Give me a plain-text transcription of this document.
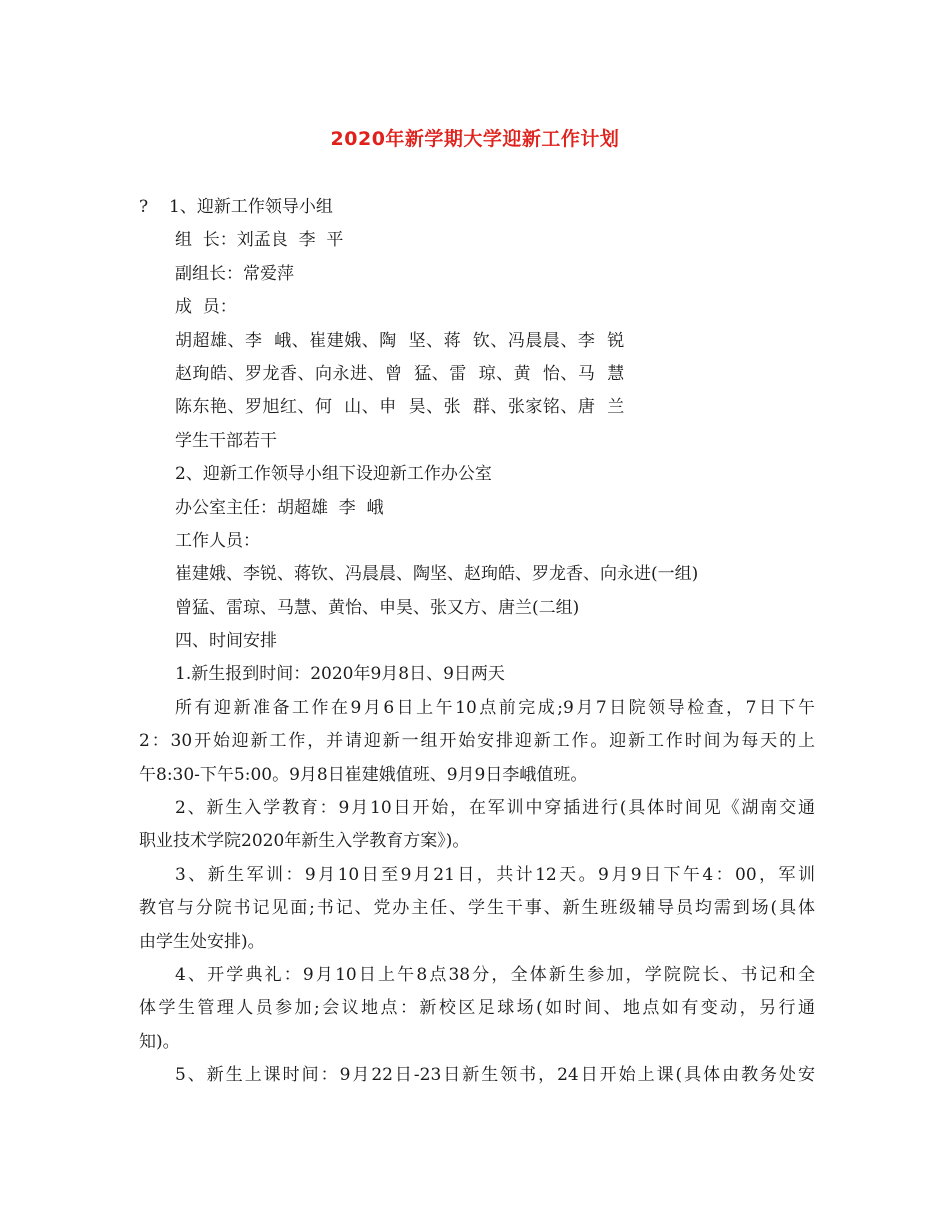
2020年新学期大学迎新工作计划
?	1、迎新工作领导小组
组  长：刘孟良  李  平
副组长：常爱萍
成  员：
胡超雄、李  峨、崔建娥、陶  坚、蒋  钦、冯晨晨、李  锐
赵珣皓、罗龙香、向永进、曾  猛、雷  琼、黄  怡、马  慧
陈东艳、罗旭红、何  山、申  昊、张  群、张家铭、唐  兰
学生干部若干
2、迎新工作领导小组下设迎新工作办公室
办公室主任：胡超雄  李  峨
工作人员：
崔建娥、李锐、蒋钦、冯晨晨、陶坚、赵珣皓、罗龙香、向永进(一组)
曾猛、雷琼、马慧、黄怡、申昊、张又方、唐兰(二组)
四、时间安排
1.新生报到时间：2020年9月8日、9日两天
所有迎新准备工作在9月6日上午10点前完成;9月7日院领导检查，7日下午
2：30开始迎新工作，并请迎新一组开始安排迎新工作。迎新工作时间为每天的上
午8:30-下午5:00。9月8日崔建娥值班、9月9日李峨值班。
2、新生入学教育：9月10日开始，在军训中穿插进行(具体时间见《湖南交通
职业技术学院2020年新生入学教育方案》)。
3、新生军训：9月10日至9月21日，共计12天。9月9日下午4：00，军训
教官与分院书记见面;书记、党办主任、学生干事、新生班级辅导员均需到场(具体
由学生处安排)。
4、开学典礼：9月10日上午8点38分，全体新生参加，学院院长、书记和全
体学生管理人员参加;会议地点：新校区足球场(如时间、地点如有变动，另行通
知)。
5、新生上课时间：9月22日-23日新生领书，24日开始上课(具体由教务处安
